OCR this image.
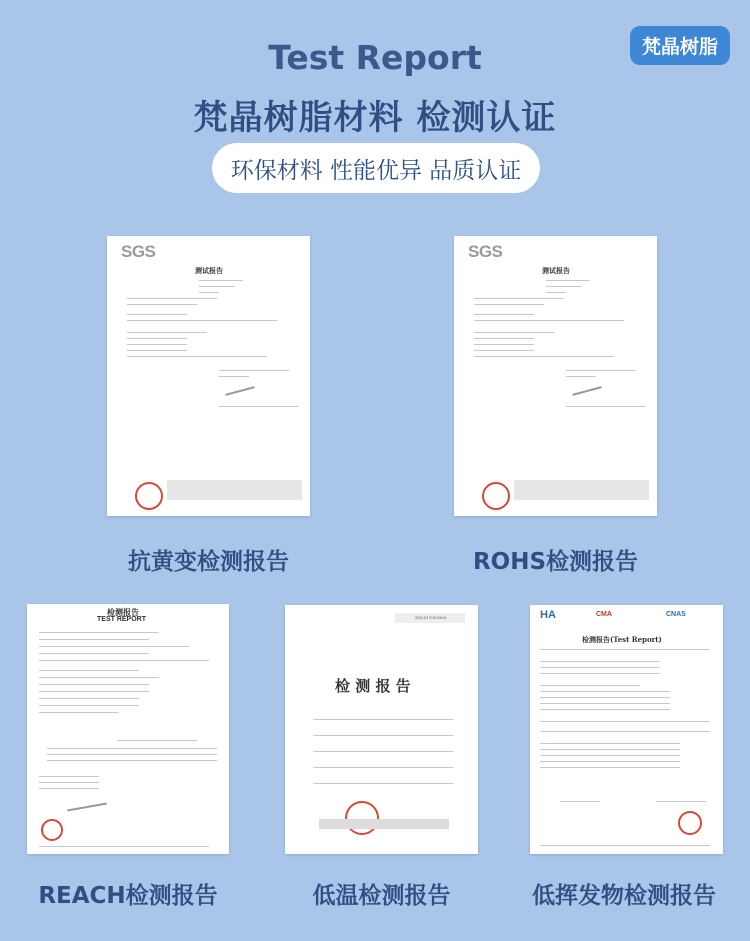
梵晶树脂
Test Report
梵晶树脂材料 检测认证
环保材料 性能优异 品质认证
SGS
测试报告
抗黄变检测报告
SGS
测试报告
ROHS检测报告
检测报告
TEST REPORT
REACH检测报告
ZQ2017003300
检 测 报 告
低温检测报告
HA	CMA	CNAS
检测报告(Test Report)
低挥发物检测报告
